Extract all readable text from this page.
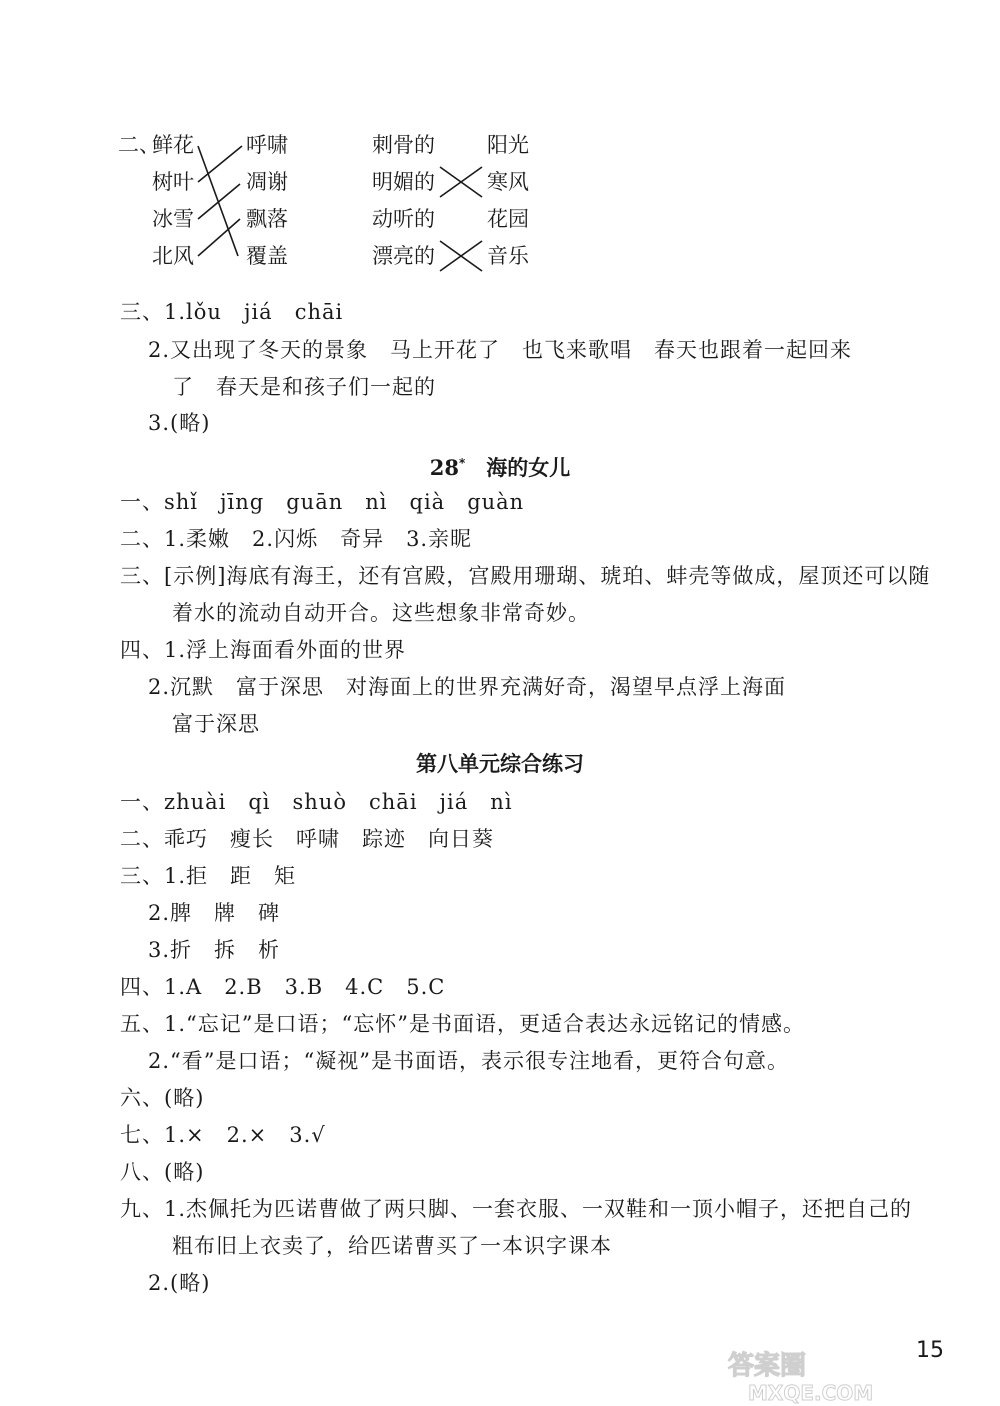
二、
鲜花
树叶
冰雪
北风
呼啸
凋谢
飘落
覆盖
刺骨的
明媚的
动听的
漂亮的
阳光
寒风
花园
音乐
三、1.lǒu jiá chāi
2.又出现了冬天的景象　马上开花了　也飞来歌唱　春天也跟着一起回来
了　春天是和孩子们一起的
3.(略)
28*　 海的女儿
一、shǐ jīng guān nì qià guàn
二、1.柔嫩　2.闪烁　奇异　3.亲昵
三、[示例]海底有海王，还有宫殿，宫殿用珊瑚、琥珀、蚌壳等做成，屋顶还可以随
着水的流动自动开合。这些想象非常奇妙。
四、1.浮上海面看外面的世界
2.沉默　富于深思　对海面上的世界充满好奇，渴望早点浮上海面
富于深思
第八单元综合练习
一、zhuài qì shuò chāi jiá nì
二、乖巧　瘦长　呼啸　踪迹　向日葵
三、1.拒　距　矩
2.脾　牌　碑
3.折　拆　析
四、1.A　2.B　3.B　4.C　5.C
五、1.“忘记”是口语；“忘怀”是书面语，更适合表达永远铭记的情感。
2.“看”是口语；“凝视”是书面语，表示很专注地看，更符合句意。
六、(略)
七、1.×　2.×　3.√
八、(略)
九、1.杰佩托为匹诺曹做了两只脚、一套衣服、一双鞋和一顶小帽子，还把自己的
粗布旧上衣卖了，给匹诺曹买了一本识字课本
2.(略)
15
答案圈
MXQE.COM
